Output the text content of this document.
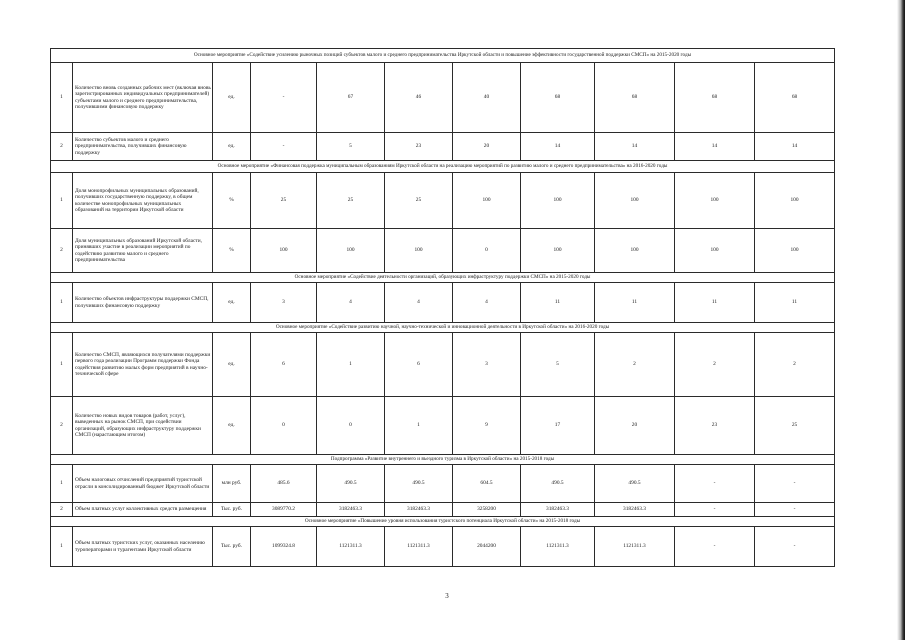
Основное мероприятие «Содействие усилению рыночных позиций субъектов малого и среднего предпринимательства Иркутской области и повышение эффективности государственной поддержки СМСП» на 2015-2020 годы										
1	Количество вновь созданных рабочих мест (включая вновь зарегистрированных индивидуальных предпринимателей) субъектами малого и среднего предпринимательства, получившими финансовую поддержку	ед.	-	67	46	40	68	68	68	68
2	Количество субъектов малого и среднего предпринимательства, получивших финансовую поддержку	ед.	-	5	23	20	14	14	14	14
Основное мероприятие «Финансовая поддержка муниципальным образованиям Иркутской области на реализацию мероприятий по развитию малого и среднего предпринимательства» на 2016-2020 годы										
1	Доля монопрофильных муниципальных образований, получивших государственную поддержку, в общем количестве монопрофильных муниципальных образований на территории Иркутской области	%	25	25	25	100	100	100	100	100
2	Доля муниципальных образований Иркутской области, принявших участие в реализации мероприятий по содействию развитию малого и среднего предпринимательства	%	100	100	100	0	100	100	100	100
Основное мероприятие «Содействие деятельности организаций, образующих инфраструктуру поддержки СМСП» на 2015-2020 годы										
1	Количество объектов инфраструктуры поддержки СМСП, получивших финансовую поддержку	ед.	3	4	4	4	11	11	11	11
Основное мероприятие «Содействие развитию научной, научно-технической и инновационной деятельности в Иркутской области» на 2016-2020 годы										
1	Количество СМСП, являющихся получателями поддержки первого года реализации Программ поддержки Фонда содействия развитию малых форм предприятий в научно-технической сфере	ед.	6	1	6	3	5	2	2	2
2	Количество новых видов товаров (работ, услуг), выведенных на рынок СМСП, при содействии организаций, образующих инфраструктуру поддержки СМСП (нарастающим итогом)	ед.	0	0	1	9	17	20	23	25
Подпрограмма «Развитие внутреннего и въездного туризма в Иркутской области» на 2015-2018 годы										
1	Объем налоговых отчислений предприятий туристской отрасли в консолидированный бюджет Иркутской области	млн руб.	485.6	490.5	490.5	604.5	490.5	490.5	-	-
2	Объем платных услуг коллективных средств размещения	Тыс. руб.	3089770.2	3182463.3	3182463.3	3258200	3182463.3	3182463.3	-	-
Основное мероприятие «Повышение уровня использования туристского потенциала Иркутской области» на 2015-2018 годы										
1	Объем платных туристских услуг, оказанных населению туроператорами и турагентами Иркутской области	Тыс. руб.	1099324.8	1121311.3	1121311.3	2044200	1121311.3	1121311.3	-	-
3
